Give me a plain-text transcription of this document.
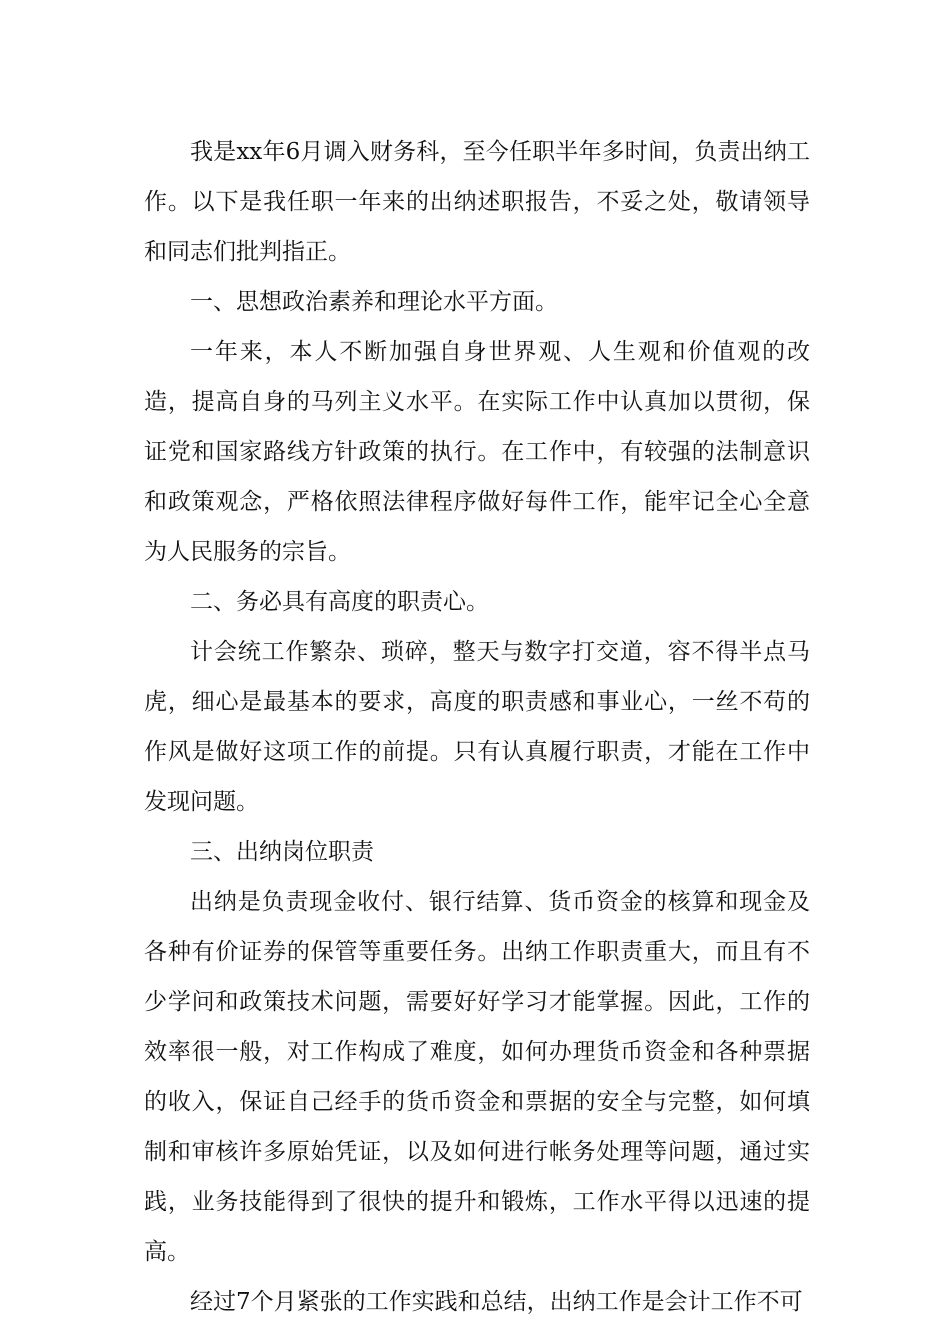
我是xx年6月调入财务科，至今任职半年多时间，负责出纳工作。以下是我任职一年来的出纳述职报告，不妥之处，敬请领导和同志们批判指正。

一、思想政治素养和理论水平方面。

一年来，本人不断加强自身世界观、人生观和价值观的改造，提高自身的马列主义水平。在实际工作中认真加以贯彻，保证党和国家路线方针政策的执行。在工作中，有较强的法制意识和政策观念，严格依照法律程序做好每件工作，能牢记全心全意为人民服务的宗旨。

二、务必具有高度的职责心。

计会统工作繁杂、琐碎，整天与数字打交道，容不得半点马虎，细心是最基本的要求，高度的职责感和事业心，一丝不苟的作风是做好这项工作的前提。只有认真履行职责，才能在工作中发现问题。

三、出纳岗位职责

出纳是负责现金收付、银行结算、货币资金的核算和现金及各种有价证券的保管等重要任务。出纳工作职责重大，而且有不少学问和政策技术问题，需要好好学习才能掌握。因此，工作的效率很一般，对工作构成了难度，如何办理货币资金和各种票据的收入，保证自己经手的货币资金和票据的安全与完整，如何填制和审核许多原始凭证，以及如何进行帐务处理等问题，通过实践，业务技能得到了很快的提升和锻炼，工作水平得以迅速的提高。

经过7个月紧张的工作实践和总结，出纳工作是会计工作不可
